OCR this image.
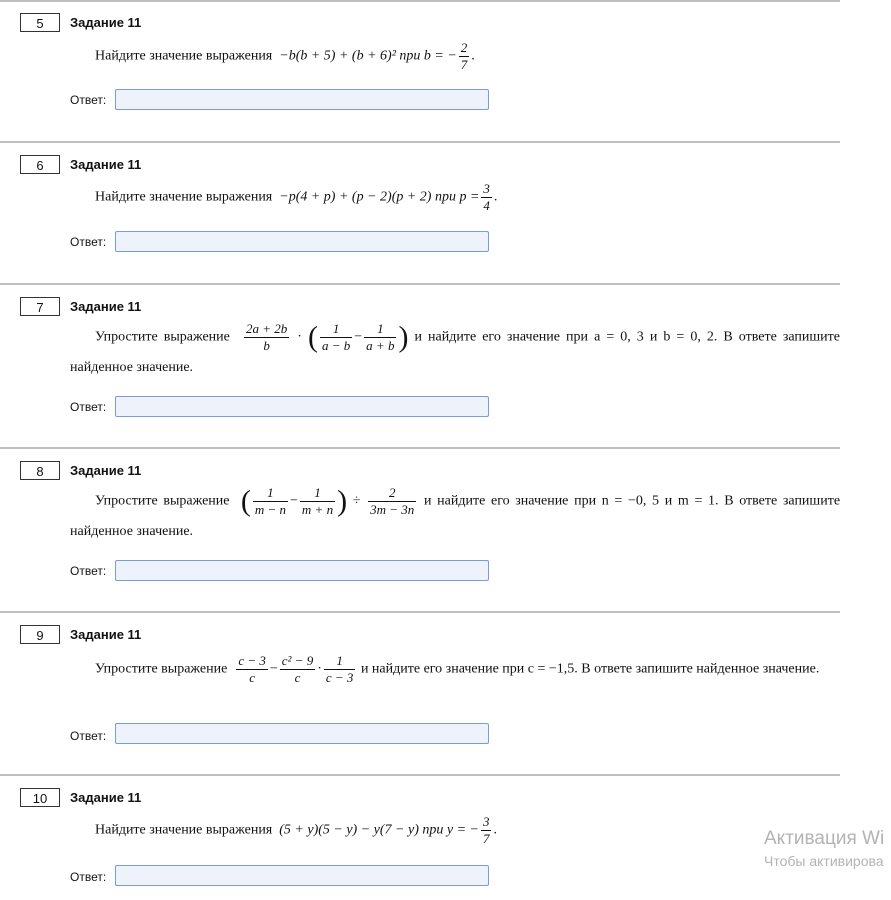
5	Задание 11
Найдите значение выражения −b(b + 5) + (b + 6)² при b = − $\frac{2}{7}$ .
Ответ:
6	Задание 11
Найдите значение выражения −p(4 + p) + (p − 2)(p + 2) при $p = \frac{3}{4}$ .
Ответ:
7	Задание 11
Упростите выражение $\frac{2a + 2b}{b}$ · ( $\frac{1}{a - b} - \frac{1}{a + b}$ ) и найдите его значение при a = 0, 3 и b = 0, 2. В ответе запишите найденное значение.
Ответ:
8	Задание 11
Упростите выражение ( $\frac{1}{m - n} - \frac{1}{m + n}$ ) ÷ $\frac{2}{3m - 3n}$ и найдите его значение при n = −0, 5 и m = 1. В ответе запишите найденное значение.
Ответ:
9	Задание 11
Упростите выражение $\frac{c - 3}{c} - \frac{\text{c² − 9}}{c} \cdot \frac{1}{c - 3}$ и найдите его значение при c = −1,5. В ответе запишите найденное значение.
Ответ:
10	Задание 11
Найдите значение выражения (5 + y)(5 − y) − y(7 − y) при y = − $\frac{3}{7}$ .
Ответ:
Активация Wi
Чтобы активирова
